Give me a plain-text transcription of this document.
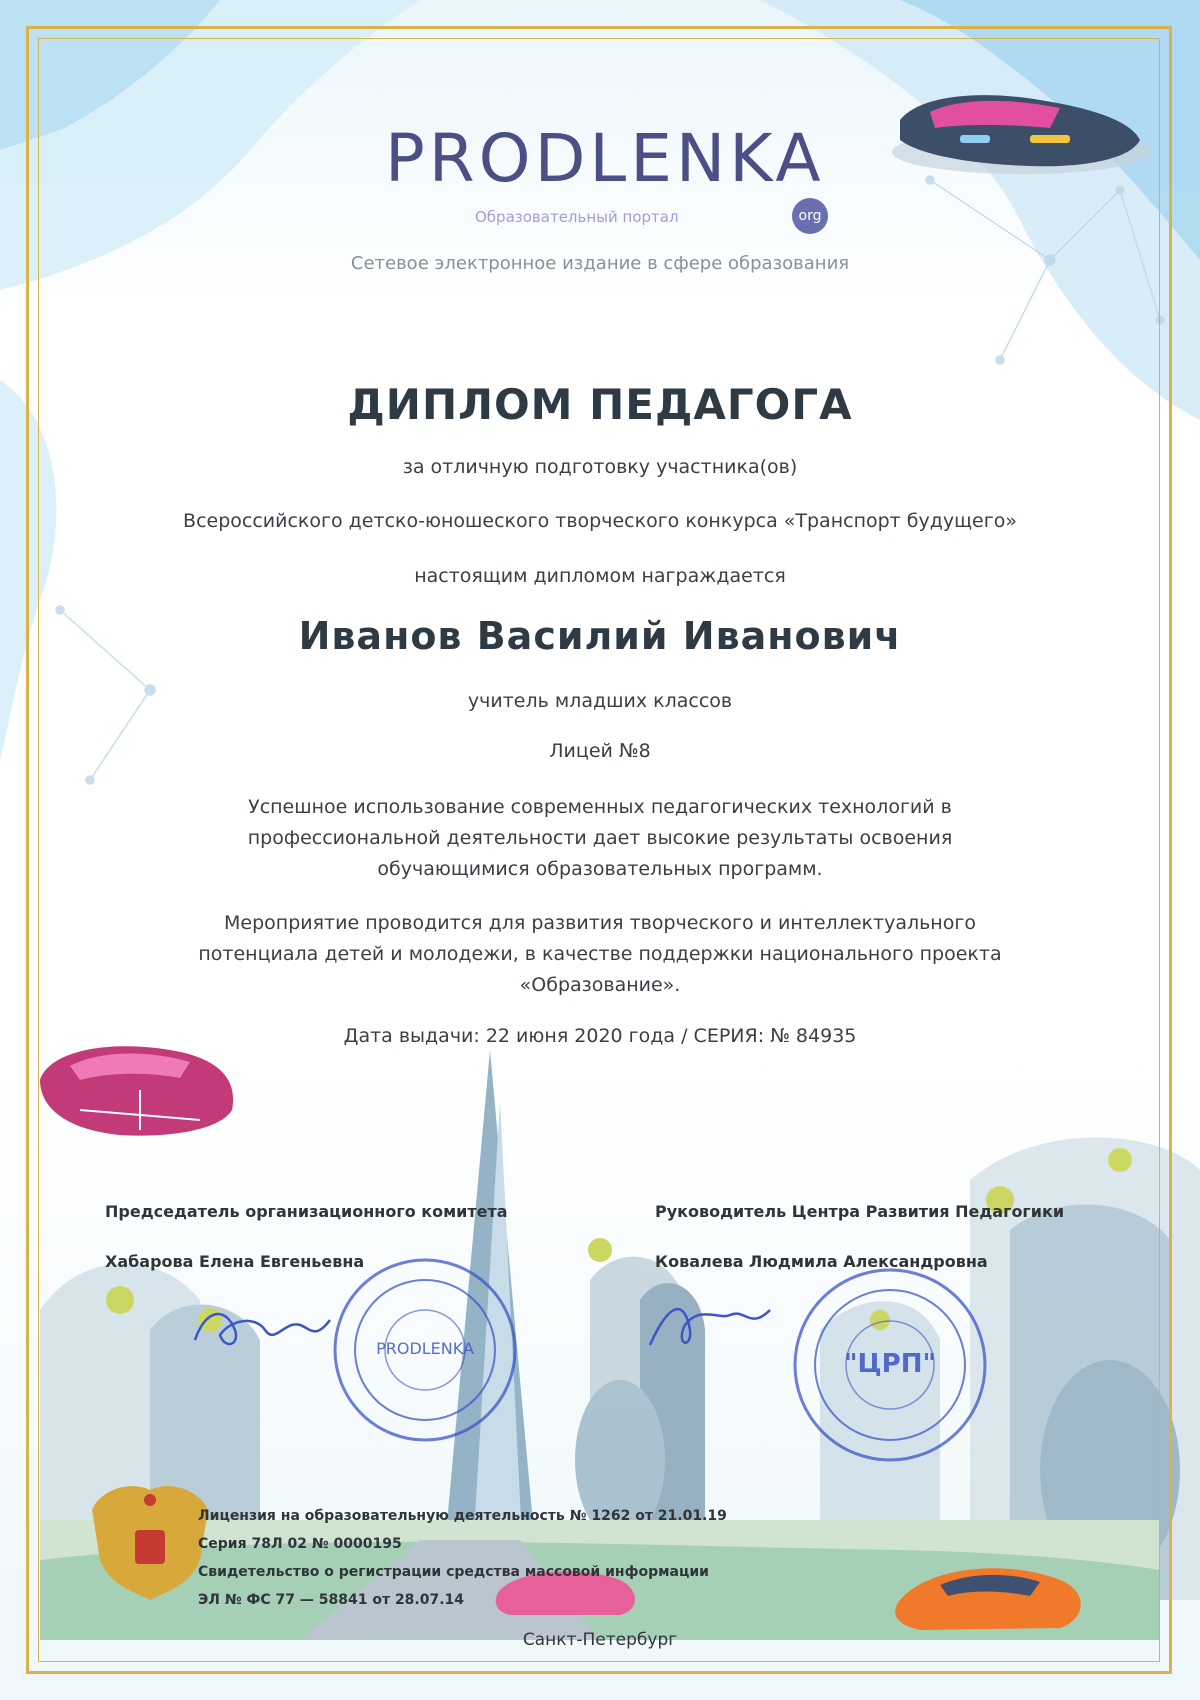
PRODLENKA
org
Образовательный портал
Сетевое электронное издание в сфере образования
ДИПЛОМ ПЕДАГОГА
за отличную подготовку участника(ов)
Всероссийского детско-юношеского творческого конкурса «Транспорт будущего»
настоящим дипломом награждается
Иванов Василий Иванович
учитель младших классов
Лицей №8
Успешное использование современных педагогических технологий в профессиональной деятельности дает высокие результаты освоения обучающимися образовательных программ.
Мероприятие проводится для развития творческого и интеллектуального потенциала детей и молодежи, в качестве поддержки национального проекта «Образование».
Дата выдачи: 22 июня 2020 года / СЕРИЯ: № 84935
Председатель организационного комитета
Хабарова Елена Евгеньевна
Руководитель Центра Развития Педагогики
Ковалева Людмила Александровна
PRODLENKA
"ЦРП"
Лицензия на образовательную деятельность № 1262 от 21.01.19
Серия 78Л 02 № 0000195
Свидетельство о регистрации средства массовой информации
ЭЛ № ФС 77 — 58841 от 28.07.14
Санкт-Петербург
